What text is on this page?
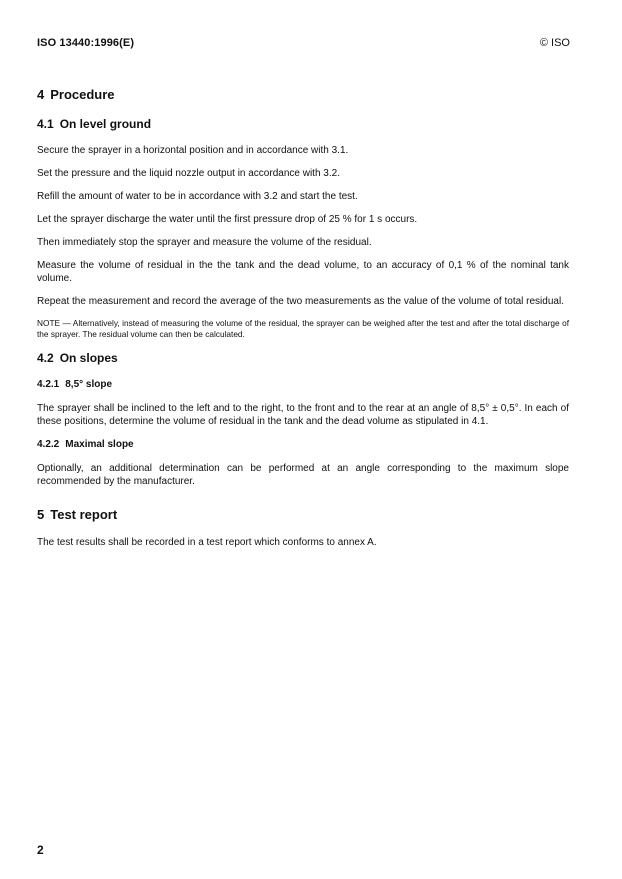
ISO 13440:1996(E)	© ISO
4 Procedure
4.1 On level ground

Secure the sprayer in a horizontal position and in accordance with 3.1.

Set the pressure and the liquid nozzle output in accordance with 3.2.

Refill the amount of water to be in accordance with 3.2 and start the test.

Let the sprayer discharge the water until the first pressure drop of 25 % for 1 s occurs.

Then immediately stop the sprayer and measure the volume of the residual.

Measure the volume of residual in the the tank and the dead volume, to an accuracy of 0,1 % of the nominal tank volume.

Repeat the measurement and record the average of the two measurements as the value of the volume of total residual.

NOTE — Alternatively, instead of measuring the volume of the residual, the sprayer can be weighed after the test and after the total discharge of the sprayer. The residual volume can then be calculated.

4.2 On slopes
4.2.1 8,5° slope

The sprayer shall be inclined to the left and to the right, to the front and to the rear at an angle of 8,5° ± 0,5°. In each of these positions, determine the volume of residual in the tank and the dead volume as stipulated in 4.1.

4.2.2 Maximal slope

Optionally, an additional determination can be performed at an angle corresponding to the maximum slope recommended by the manufacturer.

5 Test report

The test results shall be recorded in a test report which conforms to annex A.

2
